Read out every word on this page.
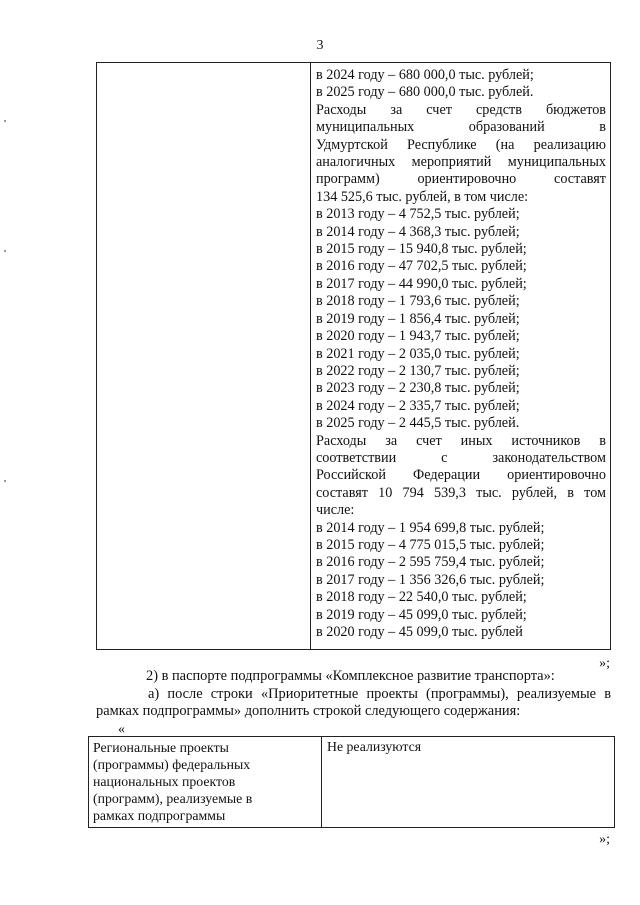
3
в 2024 году – 680 000,0 тыс. рублей;
в 2025 году – 680 000,0 тыс. рублей.
Расходы за счет средств бюджетов
муниципальных образований в
Удмуртской Республике (на реализацию
аналогичных мероприятий муниципальных
программ) ориентировочно составят
134 525,6 тыс. рублей, в том числе:
в 2013 году – 4 752,5 тыс. рублей;
в 2014 году – 4 368,3 тыс. рублей;
в 2015 году – 15 940,8 тыс. рублей;
в 2016 году – 47 702,5 тыс. рублей;
в 2017 году – 44 990,0 тыс. рублей;
в 2018 году – 1 793,6 тыс. рублей;
в 2019 году – 1 856,4 тыс. рублей;
в 2020 году – 1 943,7 тыс. рублей;
в 2021 году – 2 035,0 тыс. рублей;
в 2022 году – 2 130,7 тыс. рублей;
в 2023 году – 2 230,8 тыс. рублей;
в 2024 году – 2 335,7 тыс. рублей;
в 2025 году – 2 445,5 тыс. рублей.
Расходы за счет иных источников в
соответствии с законодательством
Российской Федерации ориентировочно
составят 10 794 539,3 тыс. рублей, в том
числе:
в 2014 году – 1 954 699,8 тыс. рублей;
в 2015 году – 4 775 015,5 тыс. рублей;
в 2016 году – 2 595 759,4 тыс. рублей;
в 2017 году – 1 356 326,6 тыс. рублей;
в 2018 году – 22 540,0 тыс. рублей;
в 2019 году – 45 099,0 тыс. рублей;
в 2020 году – 45 099,0 тыс. рублей
»;
2) в паспорте подпрограммы «Комплексное развитие транспорта»:
а) после строки «Приоритетные проекты (программы), реализуемые в рамках подпрограммы» дополнить строкой следующего содержания:
«
Региональные проекты
(программы) федеральных
национальных проектов
(программ), реализуемые в
рамках подпрограммы
Не реализуются
»;
